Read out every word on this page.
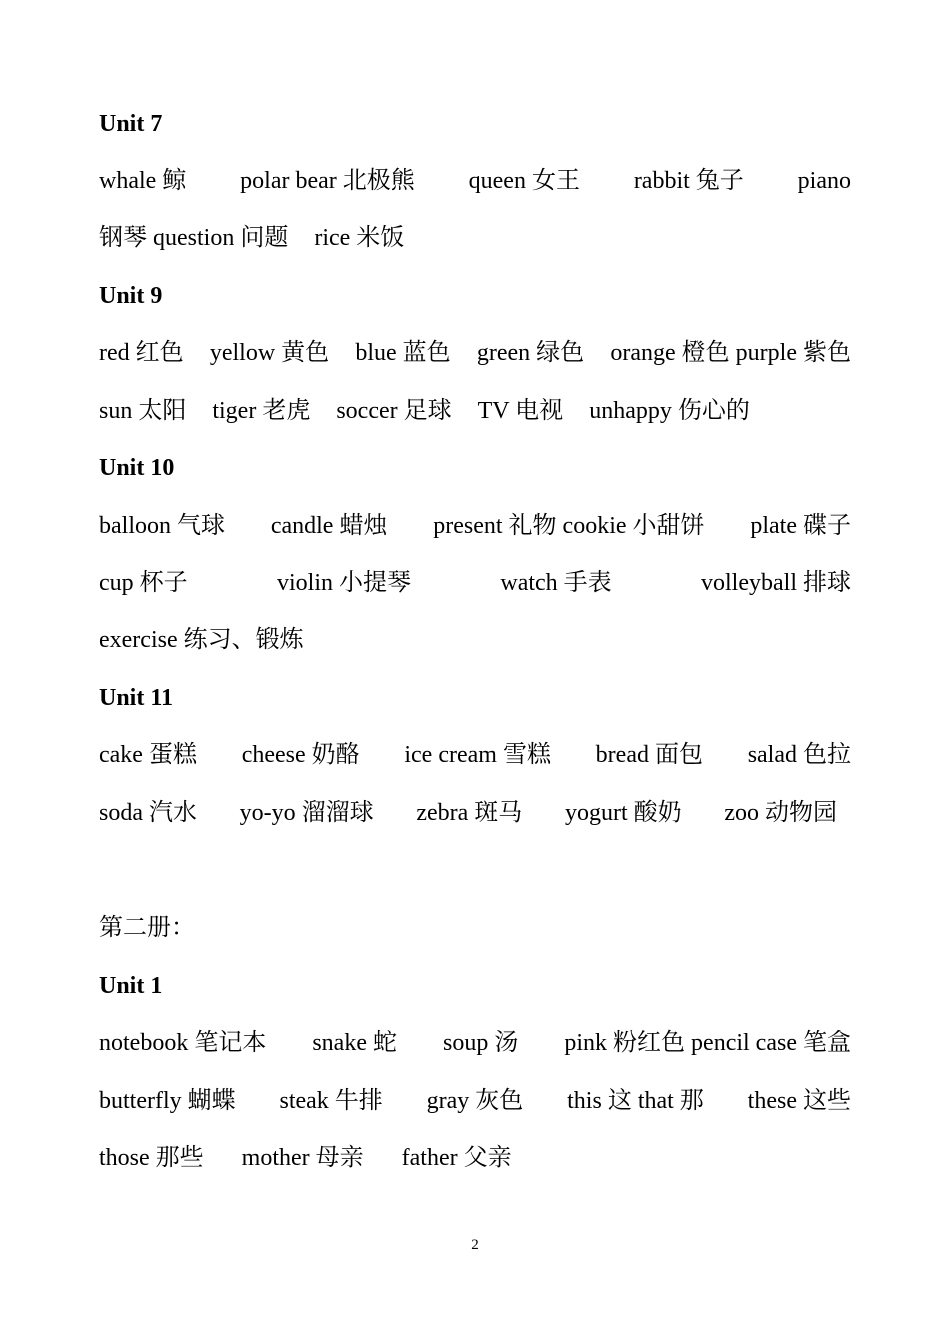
Unit 7
whale 鲸 polar bear 北极熊 queen 女王 rabbit 兔子 piano
钢琴 question 问题 rice 米饭
Unit 9
red 红色 yellow 黄色 blue 蓝色 green 绿色 orange 橙色 purple 紫色
sun 太阳 tiger 老虎 soccer 足球 TV 电视 unhappy 伤心的
Unit 10
balloon 气球 candle 蜡烛 present 礼物 cookie 小甜饼 plate 碟子
cup 杯子	violin 小提琴	watch 手表	volleyball 排球
exercise 练习、锻炼
Unit 11
cake 蛋糕 cheese 奶酪 ice cream 雪糕 bread 面包 salad 色拉
soda 汽水 yo-yo 溜溜球 zebra 斑马 yogurt 酸奶 zoo 动物园
第二册：
Unit 1
notebook 笔记本 snake 蛇 soup 汤 pink 粉红色 pencil case 笔盒
butterfly 蝴蝶 steak 牛排 gray 灰色 this 这 that 那 these 这些
those 那些 mother 母亲 father 父亲
2
